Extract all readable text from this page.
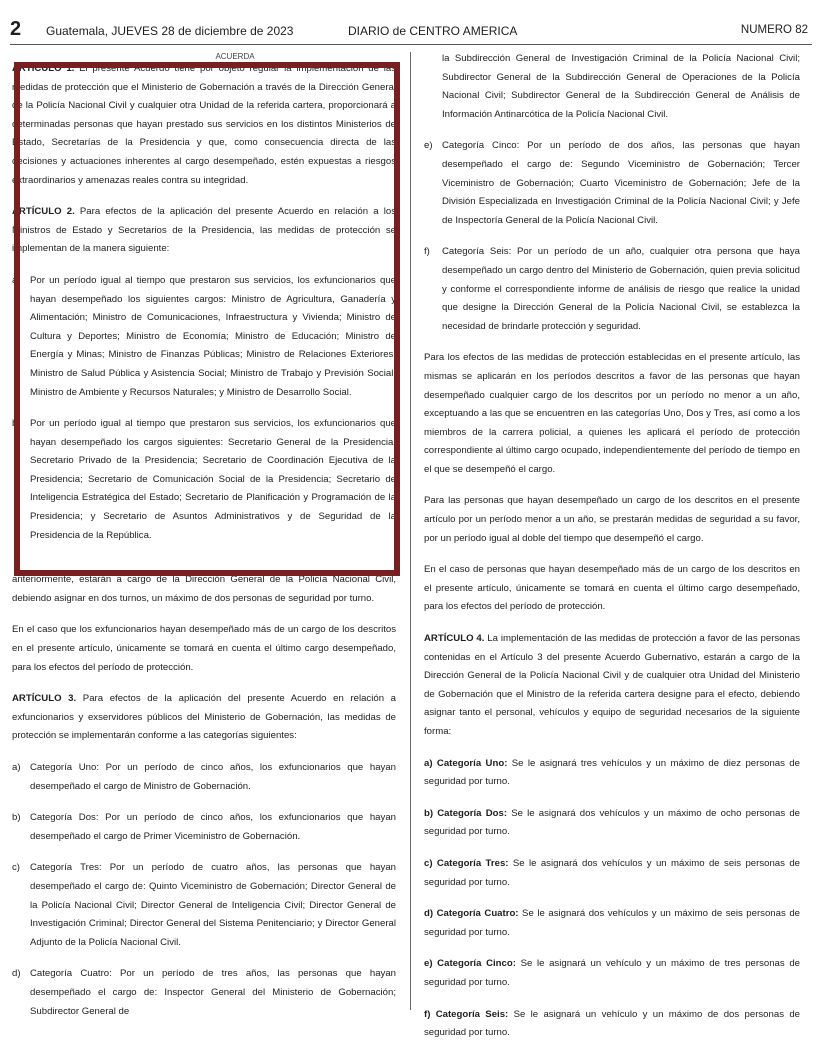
2 Guatemala, JUEVES 28 de diciembre de 2023	DIARIO de CENTRO AMERICA	NUMERO 82
ACUERDA

ARTÍCULO 1. El presente Acuerdo tiene por objeto regular la implementación de las medidas de protección que el Ministerio de Gobernación a través de la Dirección General de la Policía Nacional Civil y cualquier otra Unidad de la referida cartera, proporcionará a determinadas personas que hayan prestado sus servicios en los distintos Ministerios de Estado, Secretarías de la Presidencia y que, como consecuencia directa de las decisiones y actuaciones inherentes al cargo desempeñado, estén expuestas a riesgos extraordinarios y amenazas reales contra su integridad.

ARTÍCULO 2. Para efectos de la aplicación del presente Acuerdo en relación a los Ministros de Estado y Secretarios de la Presidencia, las medidas de protección se implementan de la manera siguiente:

a) Por un período igual al tiempo que prestaron sus servicios, los exfuncionarios que hayan desempeñado los siguientes cargos: Ministro de Agricultura, Ganadería y Alimentación; Ministro de Comunicaciones, Infraestructura y Vivienda; Ministro de Cultura y Deportes; Ministro de Economía; Ministro de Educación; Ministro de Energía y Minas; Ministro de Finanzas Públicas; Ministro de Relaciones Exteriores; Ministro de Salud Pública y Asistencia Social; Ministro de Trabajo y Previsión Social; Ministro de Ambiente y Recursos Naturales; y Ministro de Desarrollo Social.
b) Por un período igual al tiempo que prestaron sus servicios, los exfuncionarios que hayan desempeñado los cargos siguientes: Secretario General de la Presidencia; Secretario Privado de la Presidencia; Secretario de Coordinación Ejecutiva de la Presidencia; Secretario de Comunicación Social de la Presidencia; Secretario de Inteligencia Estratégica del Estado; Secretario de Planificación y Programación de la Presidencia; y Secretario de Asuntos Administrativos y de Seguridad de la Presidencia de la República.

anteriormente, estarán a cargo de la Dirección General de la Policía Nacional Civil, debiendo asignar en dos turnos, un máximo de dos personas de seguridad por turno.

En el caso que los exfuncionarios hayan desempeñado más de un cargo de los descritos en el presente artículo, únicamente se tomará en cuenta el último cargo desempeñado, para los efectos del período de protección.

ARTÍCULO 3. Para efectos de la aplicación del presente Acuerdo en relación a exfuncionarios y exservidores públicos del Ministerio de Gobernación, las medidas de protección se implementarán conforme a las categorías siguientes:

a) Categoría Uno: Por un período de cinco años, los exfuncionarios que hayan desempeñado el cargo de Ministro de Gobernación.
b) Categoría Dos: Por un período de cinco años, los exfuncionarios que hayan desempeñado el cargo de Primer Viceministro de Gobernación.
c) Categoría Tres: Por un período de cuatro años, las personas que hayan desempeñado el cargo de: Quinto Viceministro de Gobernación; Director General de la Policía Nacional Civil; Director General de Inteligencia Civil; Director General de Investigación Criminal; Director General del Sistema Penitenciario; y Director General Adjunto de la Policía Nacional Civil.
d) Categoría Cuatro: Por un período de tres años, las personas que hayan desempeñado el cargo de: Inspector General del Ministerio de Gobernación; Subdirector General de
la Subdirección General de Investigación Criminal de la Policía Nacional Civil; Subdirector General de la Subdirección General de Operaciones de la Policía Nacional Civil; Subdirector General de la Subdirección General de Análisis de Información Antinarcótica de la Policía Nacional Civil.
e) Categoría Cinco: Por un período de dos años, las personas que hayan desempeñado el cargo de: Segundo Viceministro de Gobernación; Tercer Viceministro de Gobernación; Cuarto Viceministro de Gobernación; Jefe de la División Especializada en Investigación Criminal de la Policía Nacional Civil; y Jefe de Inspectoría General de la Policía Nacional Civil.
f) Categoría Seis: Por un período de un año, cualquier otra persona que haya desempeñado un cargo dentro del Ministerio de Gobernación, quien previa solicitud y conforme el correspondiente informe de análisis de riesgo que realice la unidad que designe la Dirección General de la Policía Nacional Civil, se establezca la necesidad de brindarle protección y seguridad.

Para los efectos de las medidas de protección establecidas en el presente artículo, las mismas se aplicarán en los períodos descritos a favor de las personas que hayan desempeñado cualquier cargo de los descritos por un período no menor a un año, exceptuando a las que se encuentren en las categorías Uno, Dos y Tres, así como a los miembros de la carrera policial, a quienes les aplicará el período de protección correspondiente al último cargo ocupado, independientemente del período de tiempo en el que se desempeñó el cargo.

Para las personas que hayan desempeñado un cargo de los descritos en el presente artículo por un período menor a un año, se prestarán medidas de seguridad a su favor, por un período igual al doble del tiempo que desempeñó el cargo.

En el caso de personas que hayan desempeñado más de un cargo de los descritos en el presente artículo, únicamente se tomará en cuenta el último cargo desempeñado, para los efectos del período de protección.

ARTÍCULO 4. La implementación de las medidas de protección a favor de las personas contenidas en el Artículo 3 del presente Acuerdo Gubernativo, estarán a cargo de la Dirección General de la Policía Nacional Civil y de cualquier otra Unidad del Ministerio de Gobernación que el Ministro de la referida cartera designe para el efecto, debiendo asignar tanto el personal, vehículos y equipo de seguridad necesarios de la siguiente forma:

a) Categoría Uno: Se le asignará tres vehículos y un máximo de diez personas de seguridad por turno.

b) Categoría Dos: Se le asignará dos vehículos y un máximo de ocho personas de seguridad por turno.

c) Categoría Tres: Se le asignará dos vehículos y un máximo de seis personas de seguridad por turno.

d) Categoría Cuatro: Se le asignará dos vehículos y un máximo de seis personas de seguridad por turno.

e) Categoría Cinco: Se le asignará un vehículo y un máximo de tres personas de seguridad por turno.

f) Categoría Seis: Se le asignará un vehículo y un máximo de dos personas de seguridad por turno.
